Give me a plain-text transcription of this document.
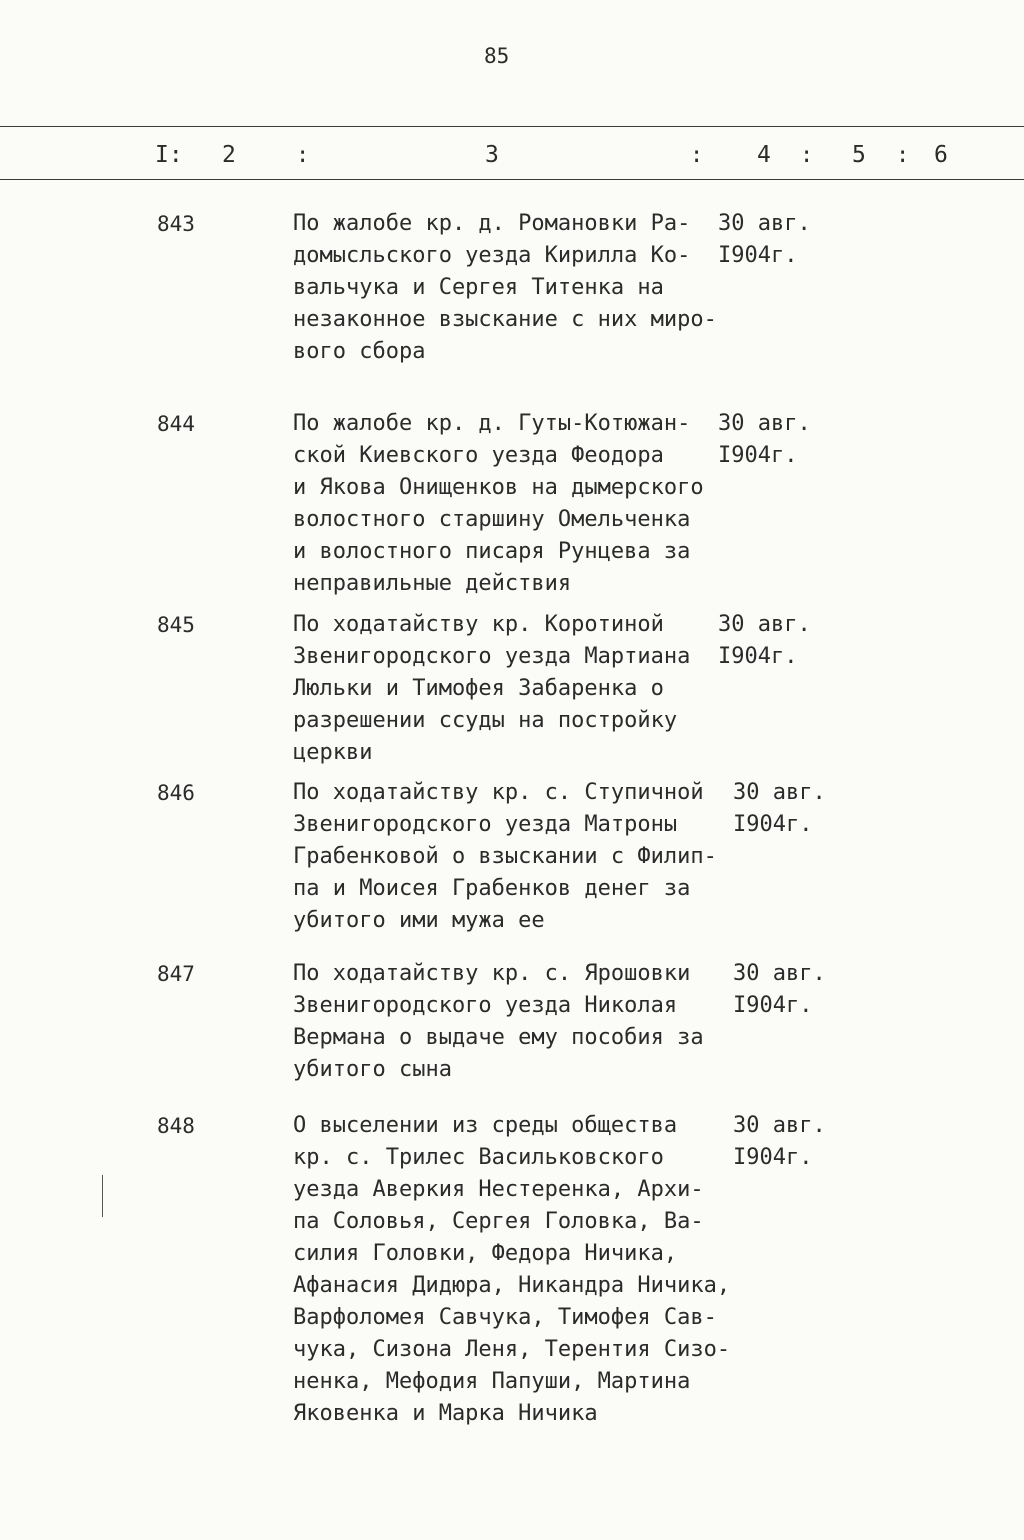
85
I: 2	:	3	: 4 : 5 : 6
843	По жалобе кр. д. Романовки Ра-
домысльского уезда Кирилла Ко-
вальчука и Сергея Титенка на
незаконное взыскание с них миро-
вого сбора
30 авг.
I904г.
844	По жалобе кр. д. Гуты-Котюжан-
ской Киевского уезда Феодора
и Якова Онищенков на дымерского
волостного старшину Омельченка
и волостного писаря Рунцева за
неправильные действия
30 авг.
I904г.
845	По ходатайству кр. Коротиной
Звенигородского уезда Мартиана
Люльки и Тимофея Забаренка о
разрешении ссуды на постройку
церкви
30 авг.
I904г.
846	По ходатайству кр. с. Ступичной
Звенигородского уезда Матроны
Грабенковой о взыскании с Филип-
па и Моисея Грабенков денег за
убитого ими мужа ее
30 авг.
I904г.
847	По ходатайству кр. с. Ярошовки
Звенигородского уезда Николая
Вермана о выдаче ему пособия за
убитого сына
30 авг.
I904г.
848	О выселении из среды общества
кр. с. Трилес Васильковского
уезда Аверкия Нестеренка, Архи-
па Соловья, Сергея Головка, Ва-
силия Головки, Федора Ничика,
Афанасия Дидюра, Никандра Ничика,
Варфоломея Савчука, Тимофея Сав-
чука, Сизона Леня, Терентия Сизо-
ненка, Мефодия Папуши, Мартина
Яковенка и Марка Ничика
30 авг.
I904г.
